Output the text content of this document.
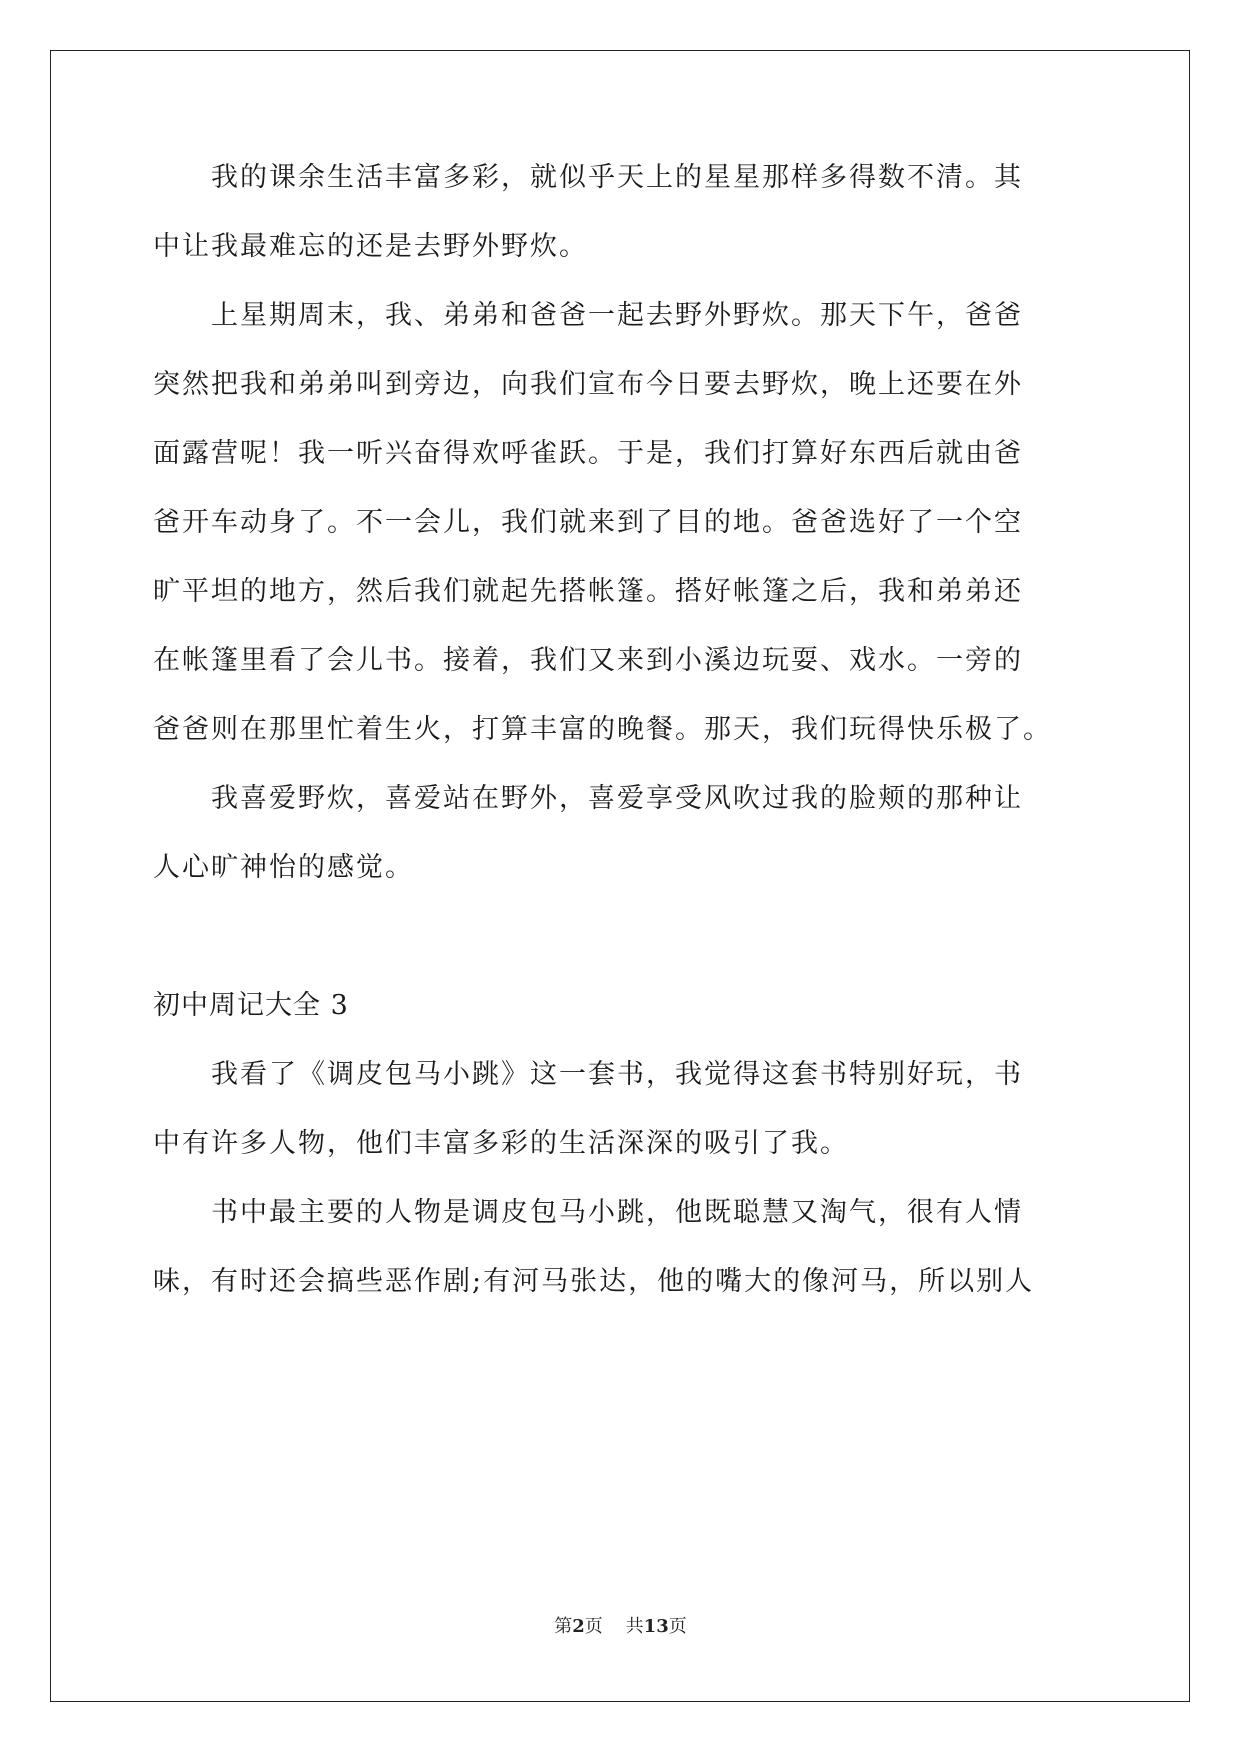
　　我的课余生活丰富多彩，就似乎天上的星星那样多得数不清。其
中让我最难忘的还是去野外野炊。
　　上星期周末，我、弟弟和爸爸一起去野外野炊。那天下午，爸爸
突然把我和弟弟叫到旁边，向我们宣布今日要去野炊，晚上还要在外
面露营呢！我一听兴奋得欢呼雀跃。于是，我们打算好东西后就由爸
爸开车动身了。不一会儿，我们就来到了目的地。爸爸选好了一个空
旷平坦的地方，然后我们就起先搭帐篷。搭好帐篷之后，我和弟弟还
在帐篷里看了会儿书。接着，我们又来到小溪边玩耍、戏水。一旁的
爸爸则在那里忙着生火，打算丰富的晚餐。那天，我们玩得快乐极了。
　　我喜爱野炊，喜爱站在野外，喜爱享受风吹过我的脸颊的那种让
人心旷神怡的感觉。
初中周记大全 3
　　我看了《调皮包马小跳》这一套书，我觉得这套书特别好玩，书
中有许多人物，他们丰富多彩的生活深深的吸引了我。
　　书中最主要的人物是调皮包马小跳，他既聪慧又淘气，很有人情
味，有时还会搞些恶作剧;有河马张达，他的嘴大的像河马，所以别人
第2页 共13页
